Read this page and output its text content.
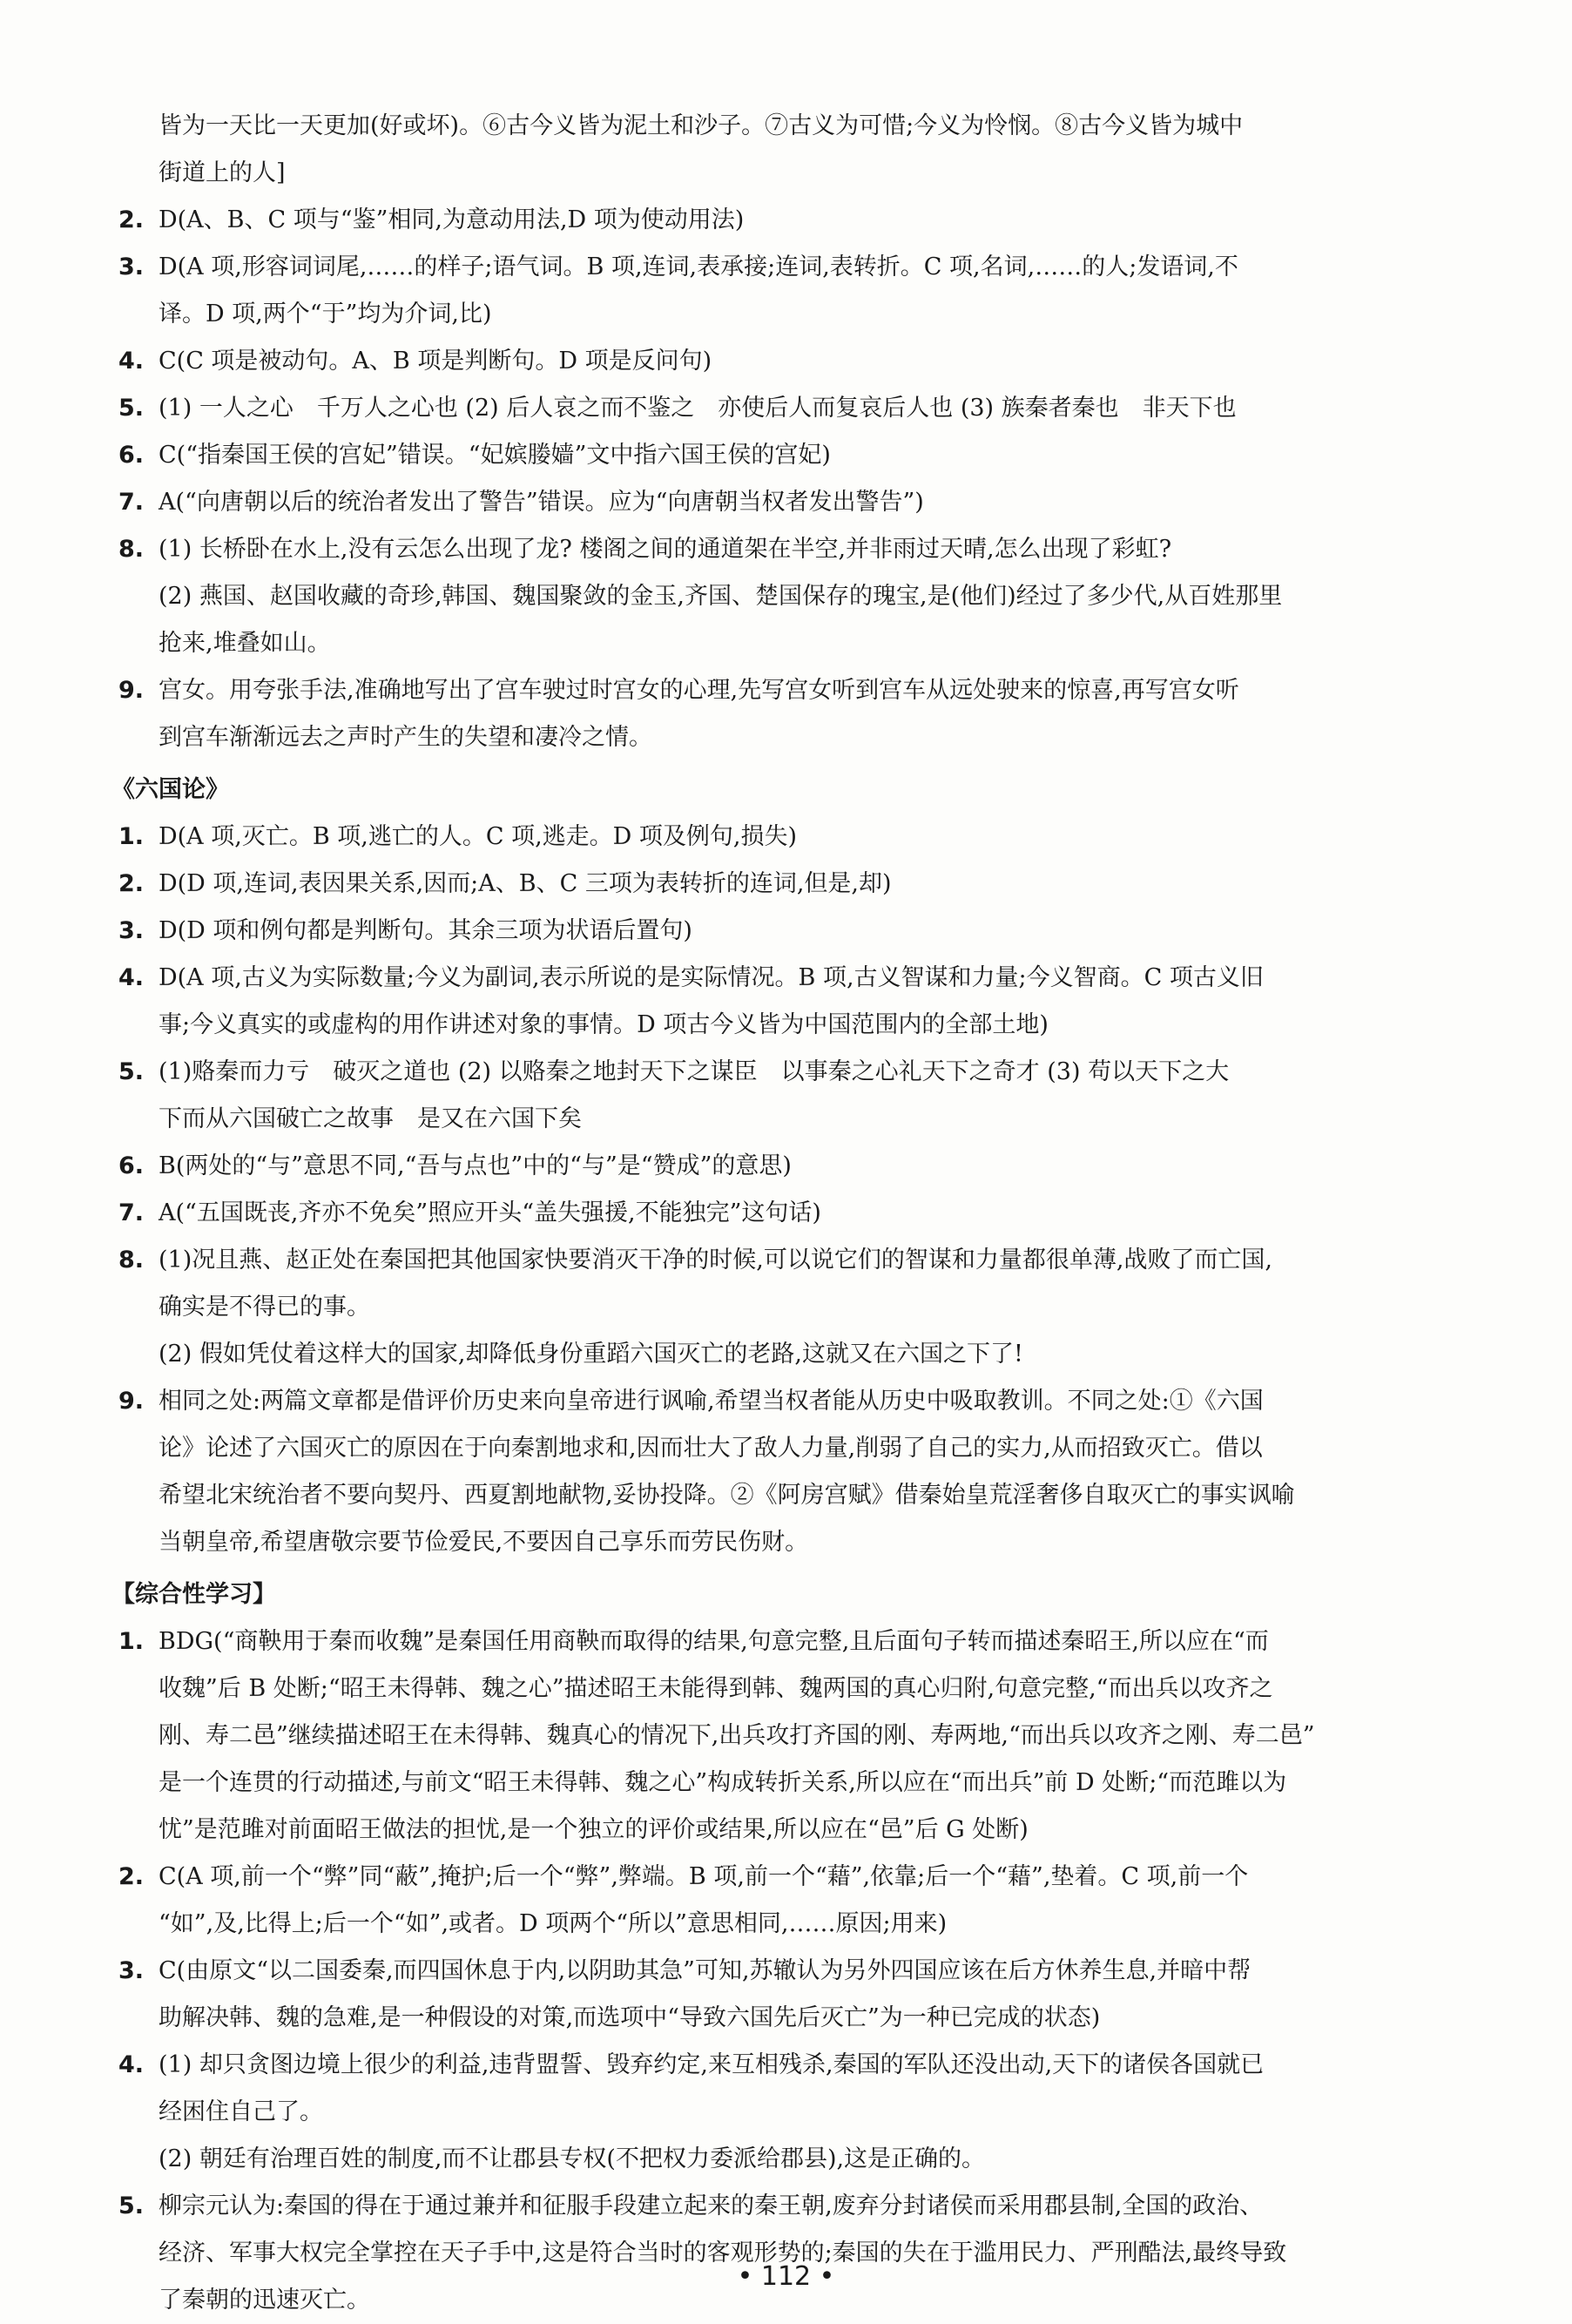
皆为一天比一天更加(好或坏)。⑥古今义皆为泥土和沙子。⑦古义为可惜;今义为怜悯。⑧古今义皆为城中
街道上的人]
2. D(A、B、C 项与“鉴”相同,为意动用法,D 项为使动用法)
3. D(A 项,形容词词尾,……的样子;语气词。B 项,连词,表承接;连词,表转折。C 项,名词,……的人;发语词,不
译。D 项,两个“于”均为介词,比)
4. C(C 项是被动句。A、B 项是判断句。D 项是反问句)
5. (1) 一人之心　千万人之心也 (2) 后人哀之而不鉴之　亦使后人而复哀后人也 (3) 族秦者秦也　非天下也
6. C(“指秦国王侯的宫妃”错误。“妃嫔媵嫱”文中指六国王侯的宫妃)
7. A(“向唐朝以后的统治者发出了警告”错误。应为“向唐朝当权者发出警告”)
8. (1) 长桥卧在水上,没有云怎么出现了龙? 楼阁之间的通道架在半空,并非雨过天晴,怎么出现了彩虹?
(2) 燕国、赵国收藏的奇珍,韩国、魏国聚敛的金玉,齐国、楚国保存的瑰宝,是(他们)经过了多少代,从百姓那里
抢来,堆叠如山。
9. 宫女。用夸张手法,准确地写出了宫车驶过时宫女的心理,先写宫女听到宫车从远处驶来的惊喜,再写宫女听
到宫车渐渐远去之声时产生的失望和凄冷之情。
《六国论》
1. D(A 项,灭亡。B 项,逃亡的人。C 项,逃走。D 项及例句,损失)
2. D(D 项,连词,表因果关系,因而;A、B、C 三项为表转折的连词,但是,却)
3. D(D 项和例句都是判断句。其余三项为状语后置句)
4. D(A 项,古义为实际数量;今义为副词,表示所说的是实际情况。B 项,古义智谋和力量;今义智商。C 项古义旧
事;今义真实的或虚构的用作讲述对象的事情。D 项古今义皆为中国范围内的全部土地)
5. (1)赂秦而力亏　破灭之道也 (2) 以赂秦之地封天下之谋臣　以事秦之心礼天下之奇才 (3) 苟以天下之大
下而从六国破亡之故事　是又在六国下矣
6. B(两处的“与”意思不同,“吾与点也”中的“与”是“赞成”的意思)
7. A(“五国既丧,齐亦不免矣”照应开头“盖失强援,不能独完”这句话)
8. (1)况且燕、赵正处在秦国把其他国家快要消灭干净的时候,可以说它们的智谋和力量都很单薄,战败了而亡国,
确实是不得已的事。
(2) 假如凭仗着这样大的国家,却降低身份重蹈六国灭亡的老路,这就又在六国之下了!
9. 相同之处:两篇文章都是借评价历史来向皇帝进行讽喻,希望当权者能从历史中吸取教训。不同之处:①《六国
论》论述了六国灭亡的原因在于向秦割地求和,因而壮大了敌人力量,削弱了自己的实力,从而招致灭亡。借以
希望北宋统治者不要向契丹、西夏割地献物,妥协投降。②《阿房宫赋》借秦始皇荒淫奢侈自取灭亡的事实讽喻
当朝皇帝,希望唐敬宗要节俭爱民,不要因自己享乐而劳民伤财。
【综合性学习】
1. BDG(“商鞅用于秦而收魏”是秦国任用商鞅而取得的结果,句意完整,且后面句子转而描述秦昭王,所以应在“而
收魏”后 B 处断;“昭王未得韩、魏之心”描述昭王未能得到韩、魏两国的真心归附,句意完整,“而出兵以攻齐之
刚、寿二邑”继续描述昭王在未得韩、魏真心的情况下,出兵攻打齐国的刚、寿两地,“而出兵以攻齐之刚、寿二邑”
是一个连贯的行动描述,与前文“昭王未得韩、魏之心”构成转折关系,所以应在“而出兵”前 D 处断;“而范雎以为
忧”是范雎对前面昭王做法的担忧,是一个独立的评价或结果,所以应在“邑”后 G 处断)
2. C(A 项,前一个“弊”同“蔽”,掩护;后一个“弊”,弊端。B 项,前一个“藉”,依靠;后一个“藉”,垫着。C 项,前一个
“如”,及,比得上;后一个“如”,或者。D 项两个“所以”意思相同,……原因;用来)
3. C(由原文“以二国委秦,而四国休息于内,以阴助其急”可知,苏辙认为另外四国应该在后方休养生息,并暗中帮
助解决韩、魏的急难,是一种假设的对策,而选项中“导致六国先后灭亡”为一种已完成的状态)
4. (1) 却只贪图边境上很少的利益,违背盟誓、毁弃约定,来互相残杀,秦国的军队还没出动,天下的诸侯各国就已
经困住自己了。
(2) 朝廷有治理百姓的制度,而不让郡县专权(不把权力委派给郡县),这是正确的。
5. 柳宗元认为:秦国的得在于通过兼并和征服手段建立起来的秦王朝,废弃分封诸侯而采用郡县制,全国的政治、
经济、军事大权完全掌控在天子手中,这是符合当时的客观形势的;秦国的失在于滥用民力、严刑酷法,最终导致
了秦朝的迅速灭亡。
• 112 •
